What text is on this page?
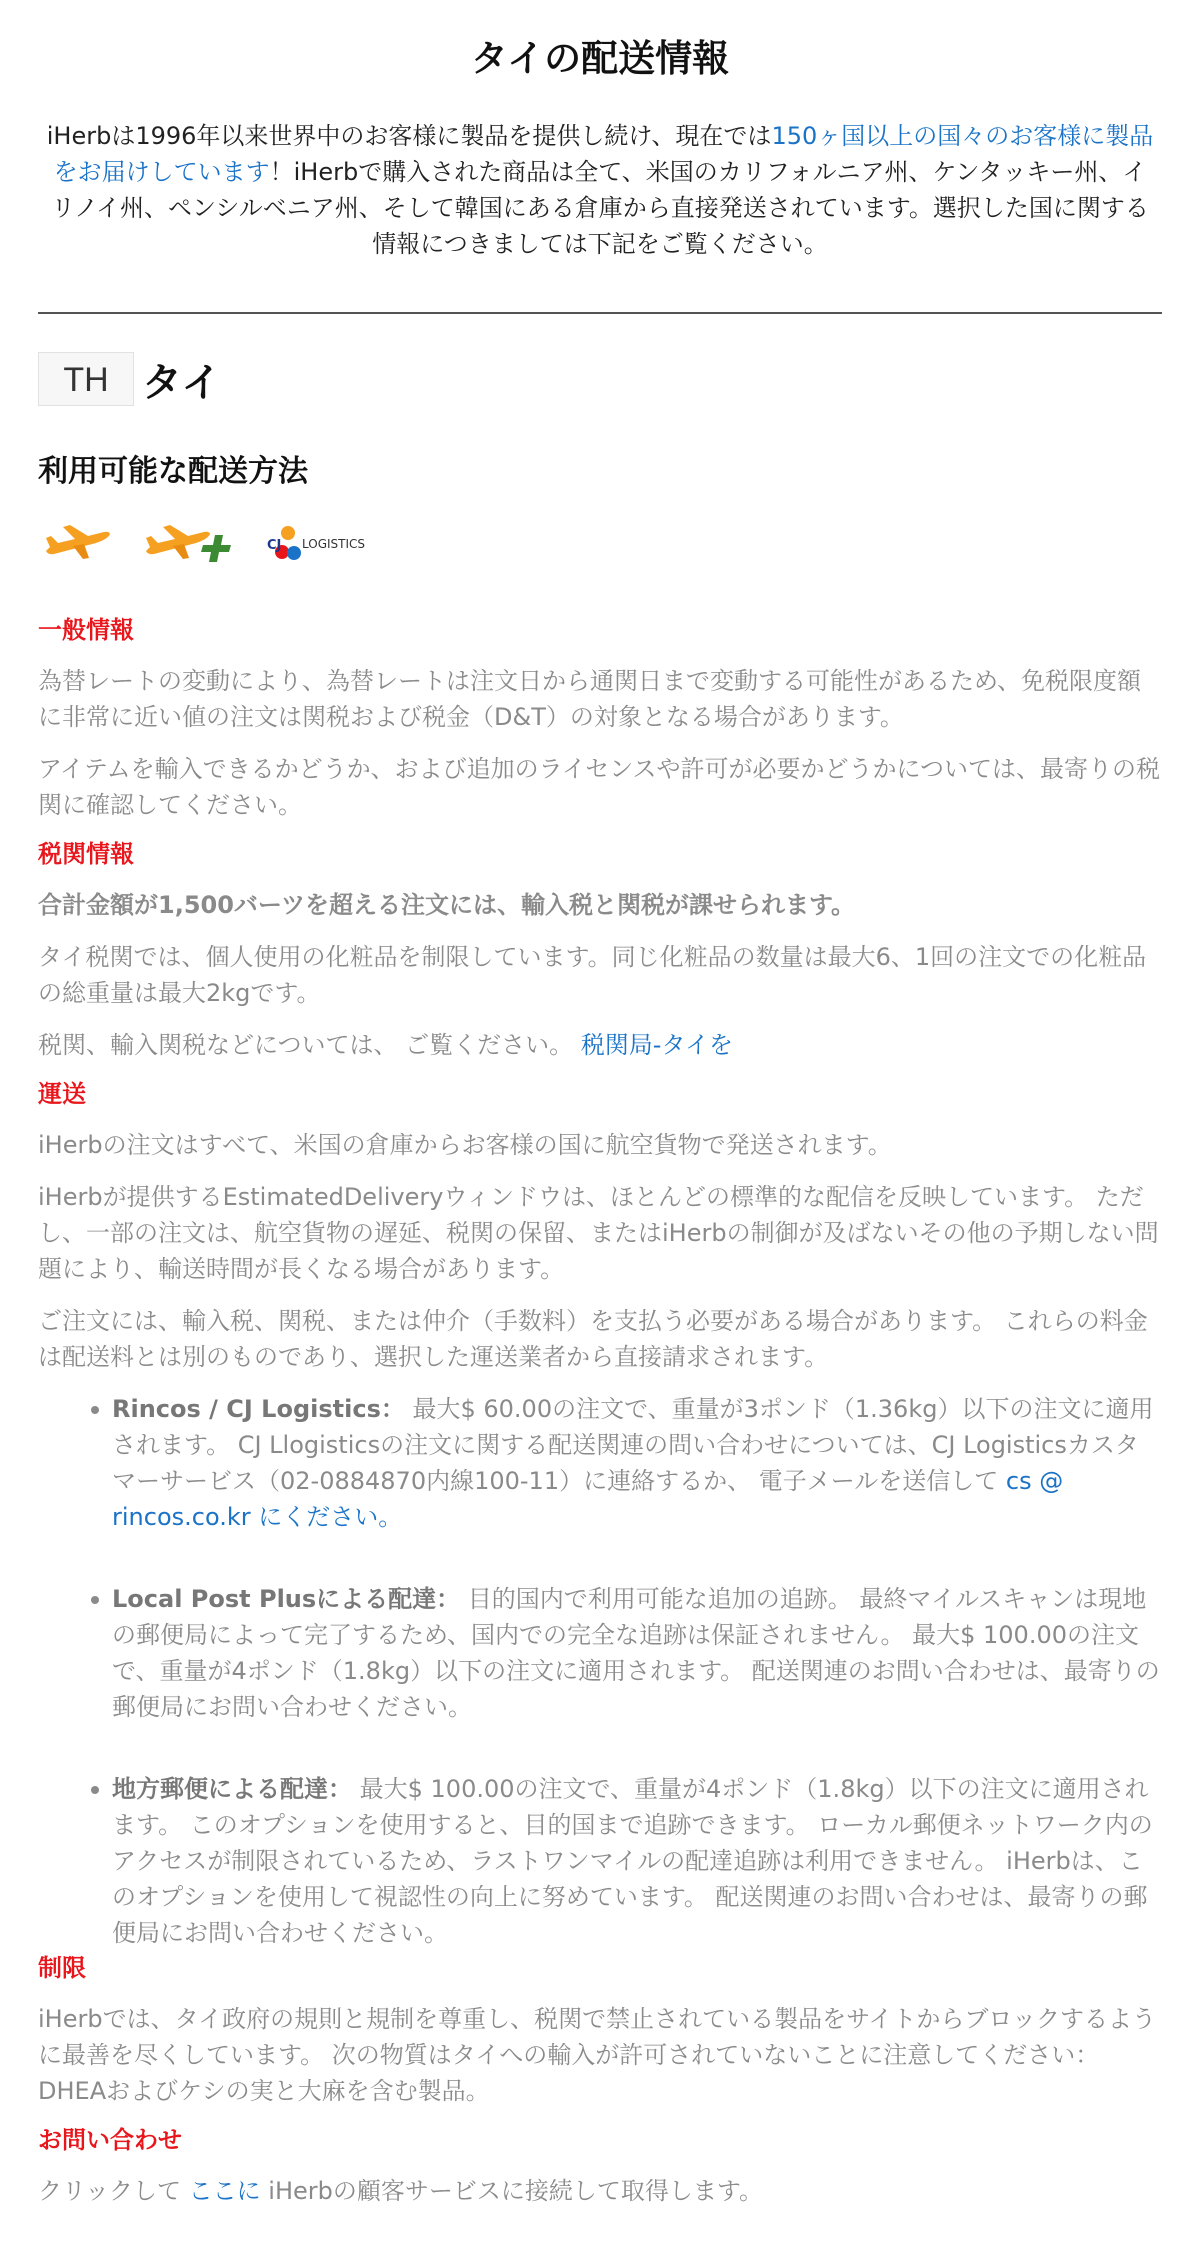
タイの配送情報

iHerbは1996年以来世界中のお客様に製品を提供し続け、現在では150ヶ国以上の国々のお客様に製品をお届けしています！iHerbで購入された商品は全て、米国のカリフォルニア州、ケンタッキー州、イリノイ州、ペンシルベニア州、そして韓国にある倉庫から直接発送されています。選択した国に関する情報につきましては下記をご覧ください。

TH タイ
利用可能な配送方法
CJ LOGISTICS
一般情報

為替レートの変動により、為替レートは注文日から通関日まで変動する可能性があるため、免税限度額に非常に近い値の注文は関税および税金（D&T）の対象となる場合があります。

アイテムを輸入できるかどうか、および追加のライセンスや許可が必要かどうかについては、最寄りの税関に確認してください。

税関情報

合計金額が1,500バーツを超える注文には、輸入税と関税が課せられます。

タイ税関では、個人使用の化粧品を制限しています。同じ化粧品の数量は最大6、1回の注文での化粧品の総重量は最大2kgです。

税関、輸入関税などについては、 ご覧ください。 税関局-タイを

運送

iHerbの注文はすべて、米国の倉庫からお客様の国に航空貨物で発送されます。

iHerbが提供するEstimatedDeliveryウィンドウは、ほとんどの標準的な配信を反映しています。 ただし、一部の注文は、航空貨物の遅延、税関の保留、またはiHerbの制御が及ばないその他の予期しない問題により、輸送時間が長くなる場合があります。

ご注文には、輸入税、関税、または仲介（手数料）を支払う必要がある場合があります。 これらの料金は配送料とは別のものであり、選択した運送業者から直接請求されます。

Rincos / CJ Logistics： 最大$ 60.00の注文で、重量が3ポンド（1.36kg）以下の注文に適用されます。 CJ Llogisticsの注文に関する配送関連の問い合わせについては、CJ Logisticsカスタマーサービス（02-0884870内線100-11）に連絡するか、 電子メールを送信して cs @ rincos.co.kr にください。
Local Post Plusによる配達： 目的国内で利用可能な追加の追跡。 最終マイルスキャンは現地の郵便局によって完了するため、国内での完全な追跡は保証されません。 最大$ 100.00の注文で、重量が4ポンド（1.8kg）以下の注文に適用されます。 配送関連のお問い合わせは、最寄りの郵便局にお問い合わせください。
地方郵便による配達： 最大$ 100.00の注文で、重量が4ポンド（1.8kg）以下の注文に適用されます。 このオプションを使用すると、目的国まで追跡できます。 ローカル郵便ネットワーク内のアクセスが制限されているため、ラストワンマイルの配達追跡は利用できません。 iHerbは、このオプションを使用して視認性の向上に努めています。 配送関連のお問い合わせは、最寄りの郵便局にお問い合わせください。
制限

iHerbでは、タイ政府の規則と規制を尊重し、税関で禁止されている製品をサイトからブロックするように最善を尽くしています。 次の物質はタイへの輸入が許可されていないことに注意してください：DHEAおよびケシの実と大麻を含む製品。

お問い合わせ

クリックして ここに iHerbの顧客サービスに接続して取得します。
